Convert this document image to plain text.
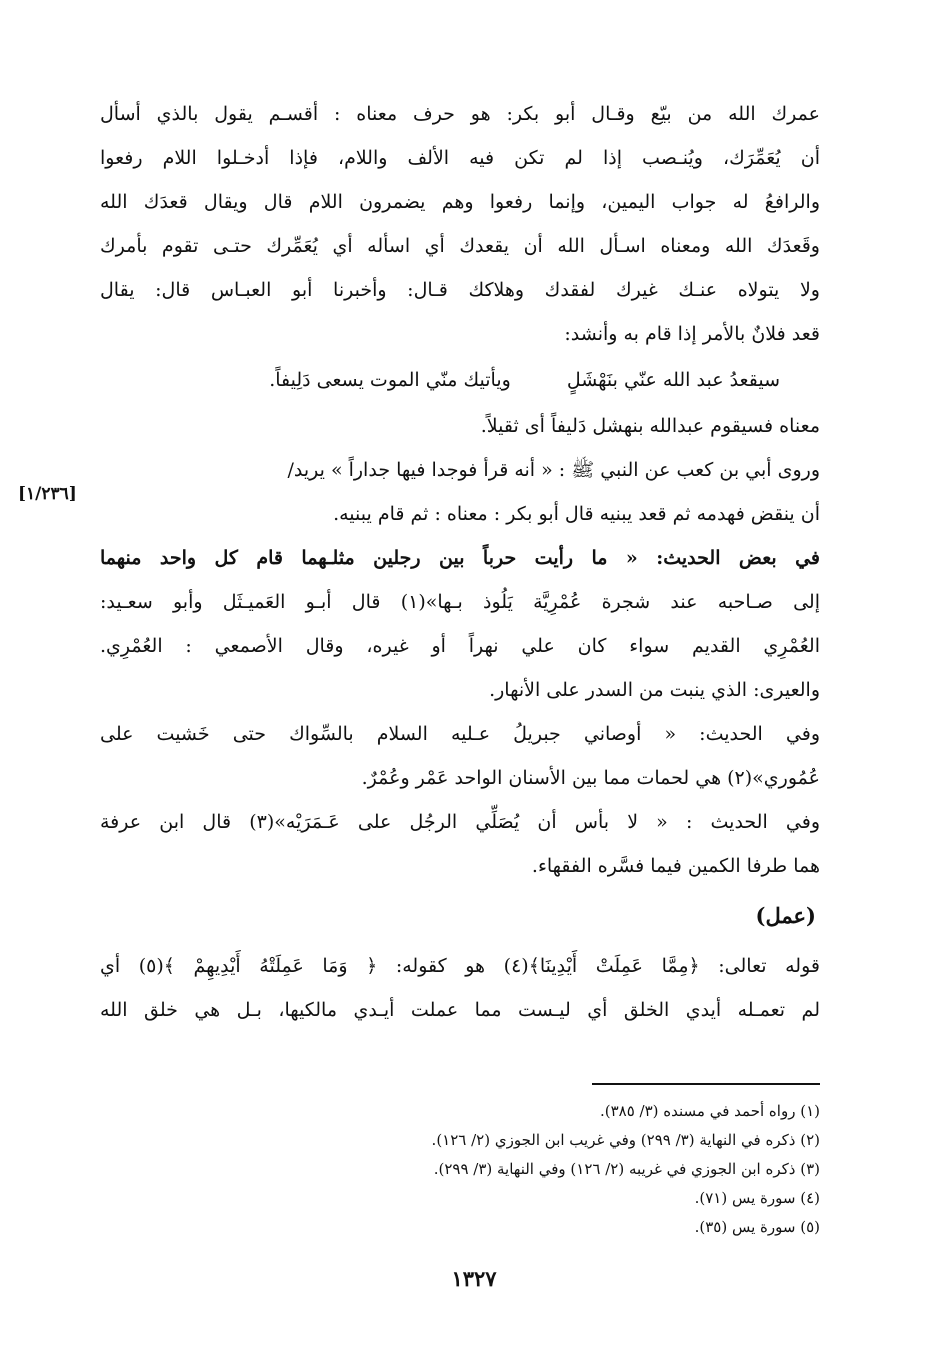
عمرك الله من بيّع وقـال أبو بكر: هو حرف معناه : أقسـم يقول بالذي أسأل
أن يُعَمِّرَك، ويُنـصب إذا لم تكن فيه الألف واللام، فإذا أدخـلوا اللام رفعوا
والرافعُ له جواب اليمين، وإنما رفعوا وهم يضمرون اللام قال ويقال قعدَك الله
وقَعدَك الله ومعناه اسـأل الله أن يقعدك أي اسأله أي يُعَمِّرك حتـى تقوم بأمرك
ولا يتولاه عنـك غيرك لفقدك وهلاكك قـال: وأخبرنا أبو العبـاس قال: يقال
قعد فلانٌ بالأمر إذا قام به وأنشد:
سيقعدُ عبد الله عنّي بنَهْشَلٍ
ويأتيك منّي الموت يسعى دَلِيفاً.
معناه فسيقوم عبدالله بنهشل دَليفاً أى ثقيلاً.
وروى أبي بن كعب عن النبي ﷺ : « أنه قرأ فوجدا فيها جداراً » يريد/
أن ينقض فهدمه ثم قعد يبنيه قال أبو بكر : معناه : ثم قام يبنيه.
في بعض الحديث: « ما رأيت حرباً بين رجلين مثلـهما قام كل واحد منهما
إلى صـاحبه عند شجرة عُمْرِيَّة يَلُوذ بـها»(١) قال أبـو العَميـثَل وأبو سعـيد:
العُمْرِي القديم سواء كان علي نهراً أو غيره، وقال الأصمعي : العُمْرِي.
والعيرى: الذي ينبت من السدر على الأنهار.
وفي الحديث: « أوصاني جبريلُ عـليه السلام بالسِّواك حتى خَشيت على
عُمُوري»(٢) هي لحمات مما بين الأسنان الواحد عَمْر وعُمْرٌ.
وفي الحديث : « لا بأس أن يُصَلِّي الرجُل على عَـمَرَيْه»(٣) قال ابن عرفة
هما طرفا الكمين فيما فسَّره الفقهاء.
(عمل)
قوله تعالى: ﴿مِمَّا عَمِلَتْ أَيْدِينَا﴾(٤) هو كقوله: ﴿ وَمَا عَمِلَتْهُ أَيْدِيهِمْ ﴾(٥) أي
لم تعمـله أيدي الخلق أي ليـست مما عملت أيـدي مالكيها، بـل هي خلق الله
[١/٢٣٦]
(١) رواه أحمد في مسنده (٣/ ٣٨٥).
(٢) ذكره في النهاية (٣/ ٢٩٩) وفي غريب ابن الجوزي (٢/ ١٢٦).
(٣) ذكره ابن الجوزي في غريبه (٢/ ١٢٦) وفي النهاية (٣/ ٢٩٩).
(٤) سورة يس (٧١).
(٥) سورة يس (٣٥).
١٣٢٧
